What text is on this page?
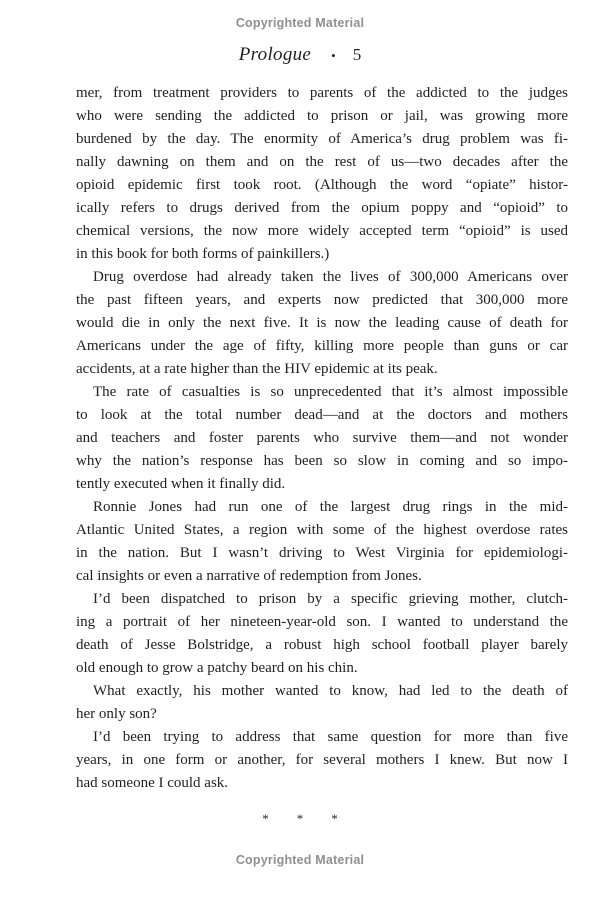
Copyrighted Material
Prologue • 5
mer, from treatment providers to parents of the addicted to the judges
who were sending the addicted to prison or jail, was growing more
burdened by the day. The enormity of America’s drug problem was fi-
nally dawning on them and on the rest of us—two decades after the
opioid epidemic first took root. (Although the word “opiate” histor-
ically refers to drugs derived from the opium poppy and “opioid” to
chemical versions, the now more widely accepted term “opioid” is used
in this book for both forms of painkillers.)
Drug overdose had already taken the lives of 300,000 Americans over
the past fifteen years, and experts now predicted that 300,000 more
would die in only the next five. It is now the leading cause of death for
Americans under the age of fifty, killing more people than guns or car
accidents, at a rate higher than the HIV epidemic at its peak.
The rate of casualties is so unprecedented that it’s almost impossible
to look at the total number dead—and at the doctors and mothers
and teachers and foster parents who survive them—and not wonder
why the nation’s response has been so slow in coming and so impo-
tently executed when it finally did.
Ronnie Jones had run one of the largest drug rings in the mid-
Atlantic United States, a region with some of the highest overdose rates
in the nation. But I wasn’t driving to West Virginia for epidemiologi-
cal insights or even a narrative of redemption from Jones.
I’d been dispatched to prison by a specific grieving mother, clutch-
ing a portrait of her nineteen-year-old son. I wanted to understand the
death of Jesse Bolstridge, a robust high school football player barely
old enough to grow a patchy beard on his chin.
What exactly, his mother wanted to know, had led to the death of
her only son?
I’d been trying to address that same question for more than five
years, in one form or another, for several mothers I knew. But now I
had someone I could ask.
* * *
Copyrighted Material
